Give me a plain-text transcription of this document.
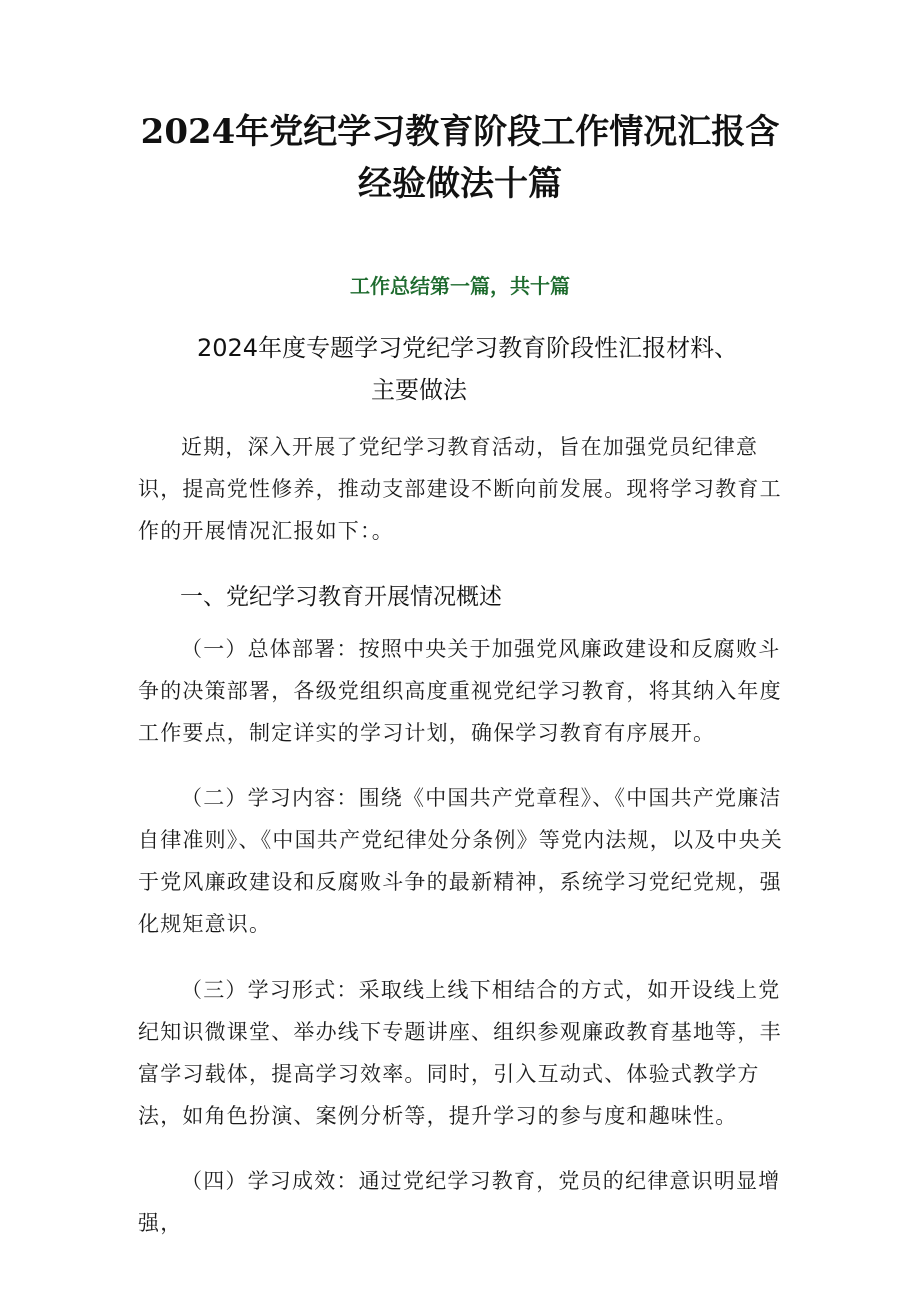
2024年党纪学习教育阶段工作情况汇报含
经验做法十篇
工作总结第一篇，共十篇
2024年度专题学习党纪学习教育阶段性汇报材料、
主要做法

近期，深入开展了党纪学习教育活动，旨在加强党员纪律意识，提高党性修养，推动支部建设不断向前发展。现将学习教育工作的开展情况汇报如下：。

一、党纪学习教育开展情况概述

（一）总体部署：按照中央关于加强党风廉政建设和反腐败斗争的决策部署，各级党组织高度重视党纪学习教育，将其纳入年度工作要点，制定详实的学习计划，确保学习教育有序展开。

（二）学习内容：围绕《中国共产党章程》、《中国共产党廉洁自律准则》、《中国共产党纪律处分条例》等党内法规，以及中央关于党风廉政建设和反腐败斗争的最新精神，系统学习党纪党规，强化规矩意识。

（三）学习形式：采取线上线下相结合的方式，如开设线上党纪知识微课堂、举办线下专题讲座、组织参观廉政教育基地等，丰富学习载体，提高学习效率。同时，引入互动式、体验式教学方法，如角色扮演、案例分析等，提升学习的参与度和趣味性。

（四）学习成效：通过党纪学习教育，党员的纪律意识明显增强，
